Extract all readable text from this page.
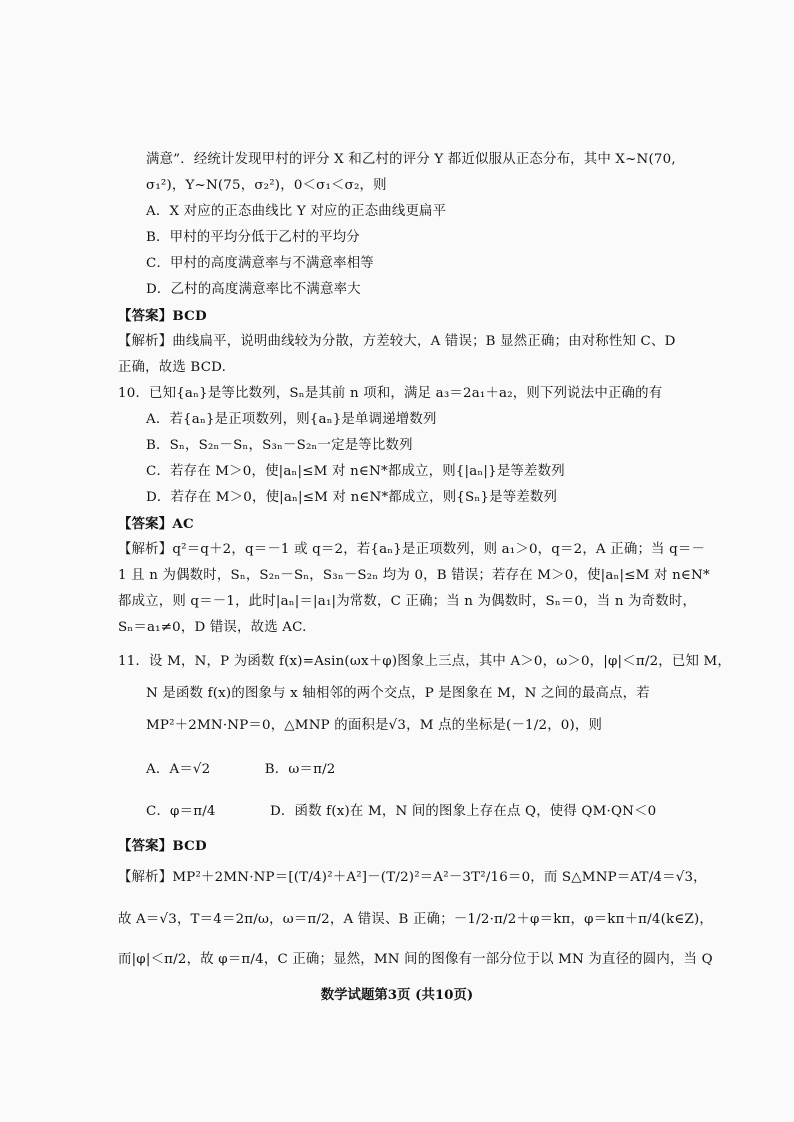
满意”．经统计发现甲村的评分 X 和乙村的评分 Y 都近似服从正态分布，其中 X~N(70,
σ₁²)，Y~N(75，σ₂²)，0＜σ₁＜σ₂，则
A．X 对应的正态曲线比 Y 对应的正态曲线更扁平
B．甲村的平均分低于乙村的平均分
C．甲村的高度满意率与不满意率相等
D．乙村的高度满意率比不满意率大
【答案】BCD
【解析】曲线扁平，说明曲线较为分散，方差较大，A 错误；B 显然正确；由对称性知 C、D
正确，故选 BCD.
10．已知{aₙ}是等比数列，Sₙ是其前 n 项和，满足 a₃＝2a₁＋a₂，则下列说法中正确的有
A．若{aₙ}是正项数列，则{aₙ}是单调递增数列
B．Sₙ，S₂ₙ－Sₙ，S₃ₙ－S₂ₙ一定是等比数列
C．若存在 M＞0，使|aₙ|≤M 对 n∈N*都成立，则{|aₙ|}是等差数列
D．若存在 M＞0，使|aₙ|≤M 对 n∈N*都成立，则{Sₙ}是等差数列
【答案】AC
【解析】q²＝q＋2，q＝－1 或 q＝2，若{aₙ}是正项数列，则 a₁＞0，q＝2，A 正确；当 q＝－
1 且 n 为偶数时，Sₙ，S₂ₙ－Sₙ，S₃ₙ－S₂ₙ 均为 0，B 错误；若存在 M＞0，使|aₙ|≤M 对 n∈N*
都成立，则 q＝－1，此时|aₙ|＝|a₁|为常数，C 正确；当 n 为偶数时，Sₙ＝0，当 n 为奇数时，
Sₙ＝a₁≠0，D 错误，故选 AC.
11．设 M，N，P 为函数 f(x)=Asin(ωx＋φ)图象上三点，其中 A＞0，ω＞0，|φ|＜π/2，已知 M，
N 是函数 f(x)的图象与 x 轴相邻的两个交点，P 是图象在 M，N 之间的最高点，若
MP²＋2MN·NP＝0，△MNP 的面积是√3，M 点的坐标是(－1/2，0)，则
A．A＝√2　　　　B．ω＝π/2
C．φ＝π/4　　　　D．函数 f(x)在 M，N 间的图象上存在点 Q，使得 QM·QN＜0
【答案】BCD
【解析】MP²＋2MN·NP＝[(T/4)²＋A²]－(T/2)²＝A²－3T²/16＝0，而 S△MNP＝AT/4＝√3，
故 A＝√3，T＝4＝2π/ω，ω＝π/2，A 错误、B 正确；－1/2·π/2＋φ＝kπ，φ＝kπ＋π/4(k∈Z)，
而|φ|＜π/2，故 φ＝π/4，C 正确；显然，MN 间的图像有一部分位于以 MN 为直径的圆内，当 Q
数学试题第3页 (共10页)
